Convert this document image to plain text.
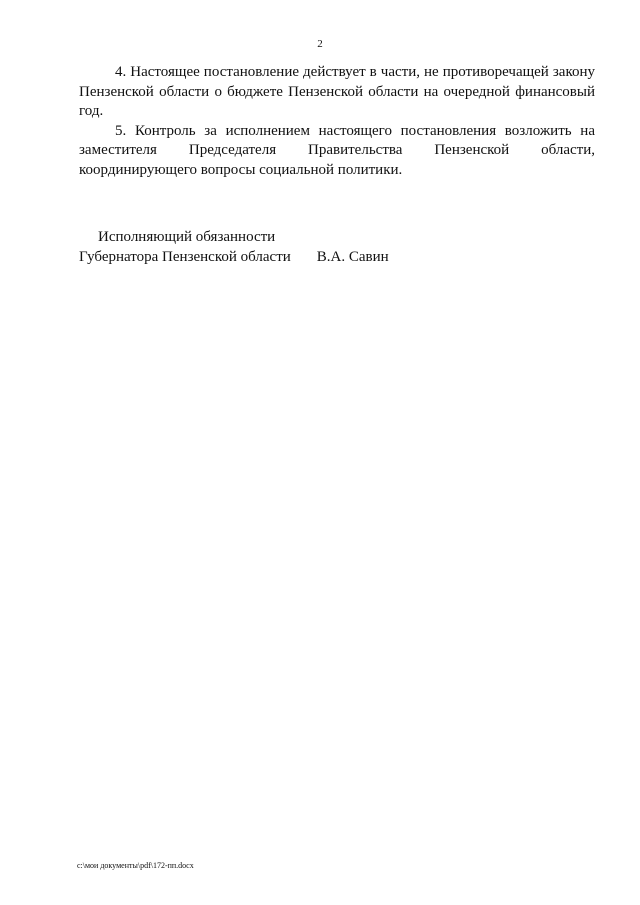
2

4. Настоящее постановление действует в части, не противоречащей закону Пензенской области о бюджете Пензенской области на очередной финансовый год.

5. Контроль за исполнением настоящего постановления возложить на заместителя Председателя Правительства Пензенской области, координирующего вопросы социальной политики.

Исполняющий обязанности
Губернатора Пензенской области В.А. Савин
c:\мои документы\pdf\172-пп.docx
